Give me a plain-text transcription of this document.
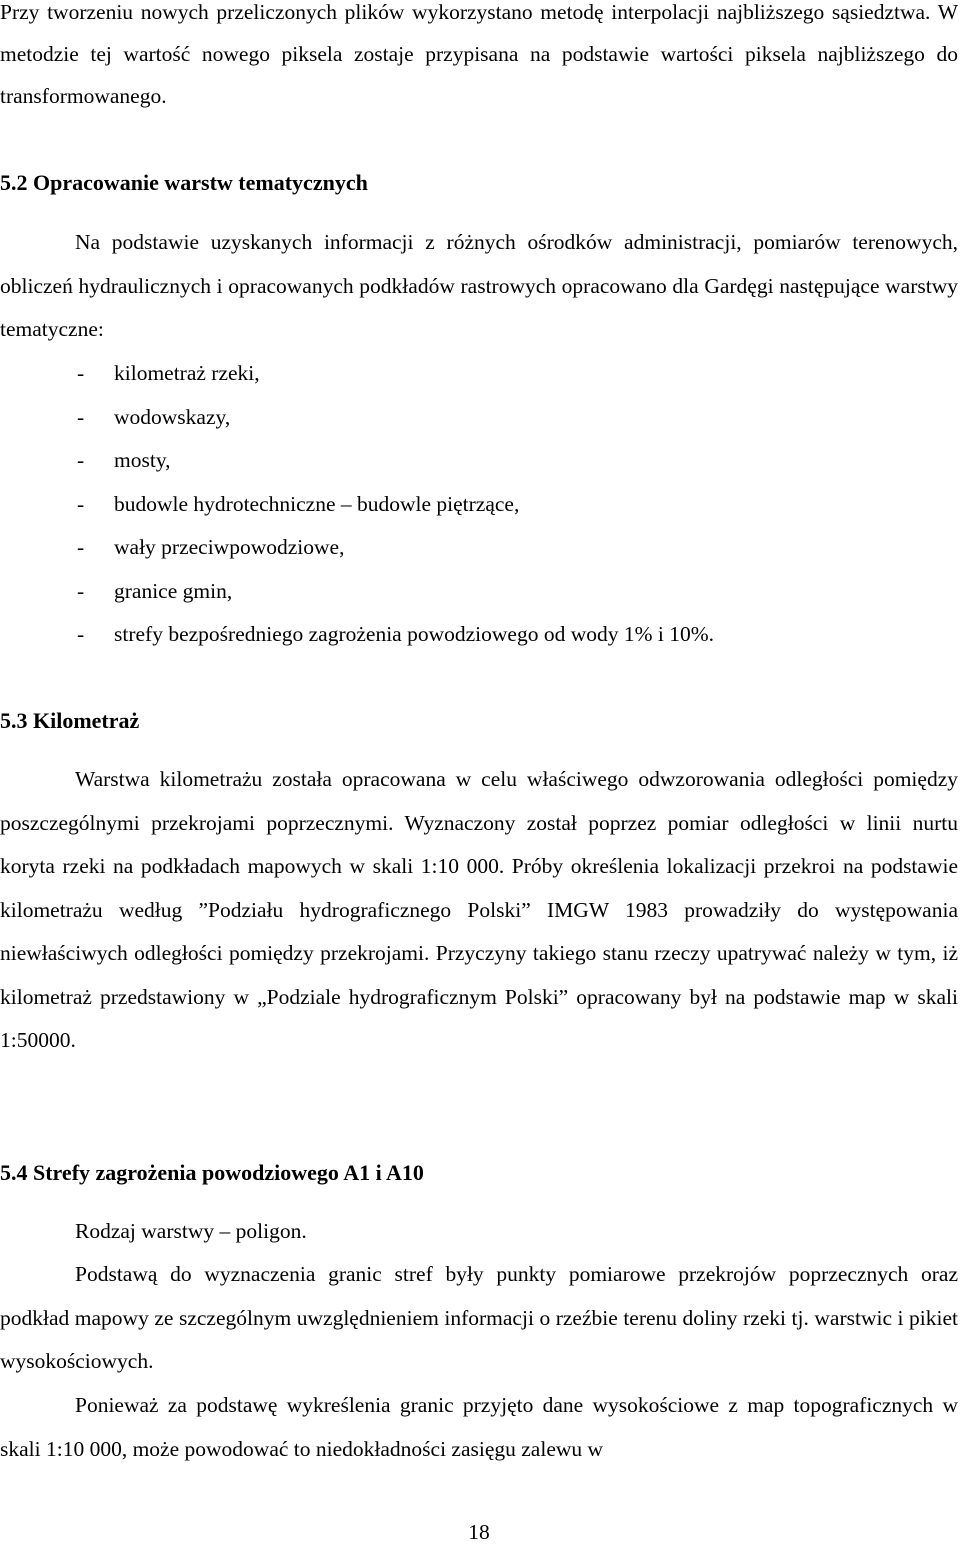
Przy tworzeniu nowych przeliczonych plików wykorzystano metodę interpolacji najbliższego sąsiedztwa. W metodzie tej wartość nowego piksela zostaje przypisana na podstawie wartości piksela najbliższego do transformowanego.

5.2 Opracowanie warstw tematycznych

Na podstawie uzyskanych informacji z różnych ośrodków administracji, pomiarów terenowych, obliczeń hydraulicznych i opracowanych podkładów rastrowych opracowano dla Gardęgi następujące warstwy tematyczne:

- kilometraż rzeki,
- wodowskazy,
- mosty,
- budowle hydrotechniczne – budowle piętrzące,
- wały przeciwpowodziowe,
- granice gmin,
- strefy bezpośredniego zagrożenia powodziowego od wody 1% i 10%.
5.3 Kilometraż

Warstwa kilometrażu została opracowana w celu właściwego odwzorowania odległości pomiędzy poszczególnymi przekrojami poprzecznymi. Wyznaczony został poprzez pomiar odległości w linii nurtu koryta rzeki na podkładach mapowych w skali 1:10 000. Próby określenia lokalizacji przekroi na podstawie kilometrażu według ”Podziału hydrograficznego Polski” IMGW 1983 prowadziły do występowania niewłaściwych odległości pomiędzy przekrojami. Przyczyny takiego stanu rzeczy upatrywać należy w tym, iż kilometraż przedstawiony w „Podziale hydrograficznym Polski” opracowany był na podstawie map w skali 1:50000.

5.4 Strefy zagrożenia powodziowego A1 i A10

Rodzaj warstwy – poligon.

Podstawą do wyznaczenia granic stref były punkty pomiarowe przekrojów poprzecznych oraz podkład mapowy ze szczególnym uwzględnieniem informacji o rzeźbie terenu doliny rzeki tj. warstwic i pikiet wysokościowych.

Ponieważ za podstawę wykreślenia granic przyjęto dane wysokościowe z map topograficznych w skali 1:10 000, może powodować to niedokładności zasięgu zalewu w

18
